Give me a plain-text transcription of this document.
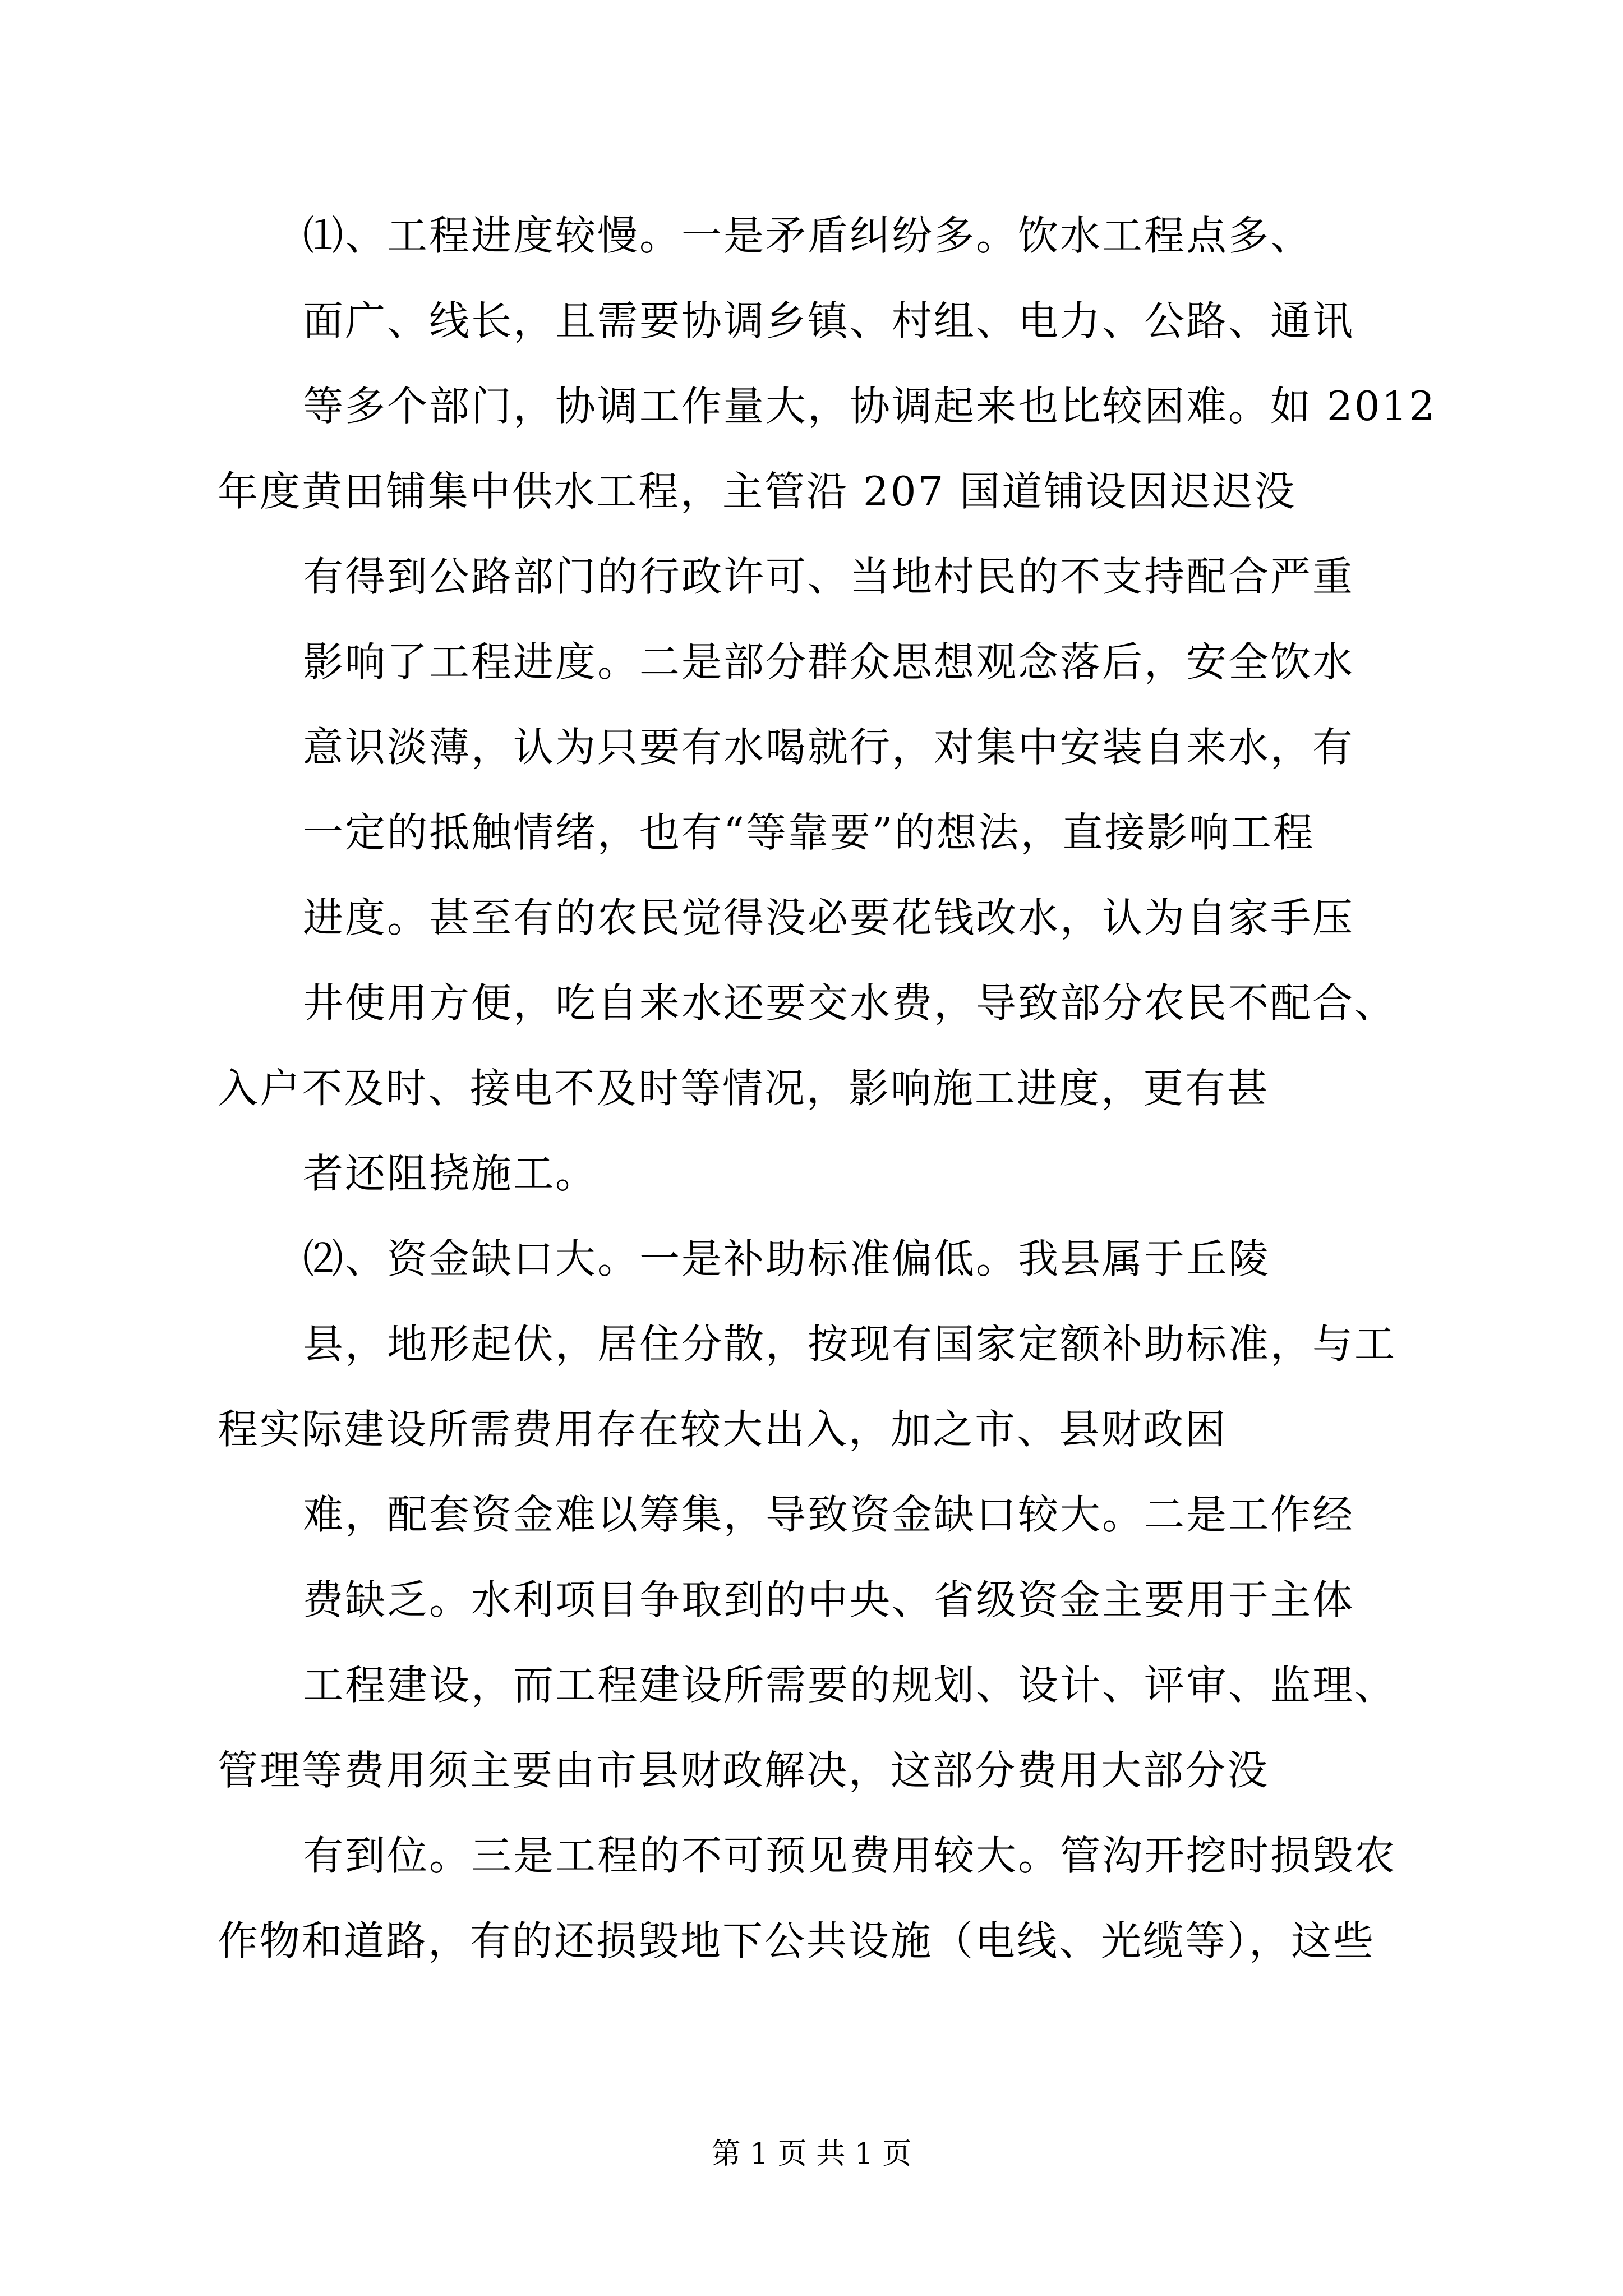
⑴、工程进度较慢。一是矛盾纠纷多。饮水工程点多、
面广、线长，且需要协调乡镇、村组、电力、公路、通讯
等多个部门，协调工作量大，协调起来也比较困难。如 2012
年度黄田铺集中供水工程，主管沿 207 国道铺设因迟迟没
有得到公路部门的行政许可、当地村民的不支持配合严重
影响了工程进度。二是部分群众思想观念落后，安全饮水
意识淡薄，认为只要有水喝就行，对集中安装自来水，有
一定的抵触情绪，也有“等靠要”的想法，直接影响工程
进度。甚至有的农民觉得没必要花钱改水，认为自家手压
井使用方便，吃自来水还要交水费，导致部分农民不配合、
入户不及时、接电不及时等情况，影响施工进度，更有甚
者还阻挠施工。
⑵、资金缺口大。一是补助标准偏低。我县属于丘陵
县，地形起伏，居住分散，按现有国家定额补助标准，与工
程实际建设所需费用存在较大出入，加之市、县财政困
难，配套资金难以筹集，导致资金缺口较大。二是工作经
费缺乏。水利项目争取到的中央、省级资金主要用于主体
工程建设，而工程建设所需要的规划、设计、评审、监理、
管理等费用须主要由市县财政解决，这部分费用大部分没
有到位。三是工程的不可预见费用较大。管沟开挖时损毁农
作物和道路，有的还损毁地下公共设施（电线、光缆等），这些
第 1 页 共 1 页
